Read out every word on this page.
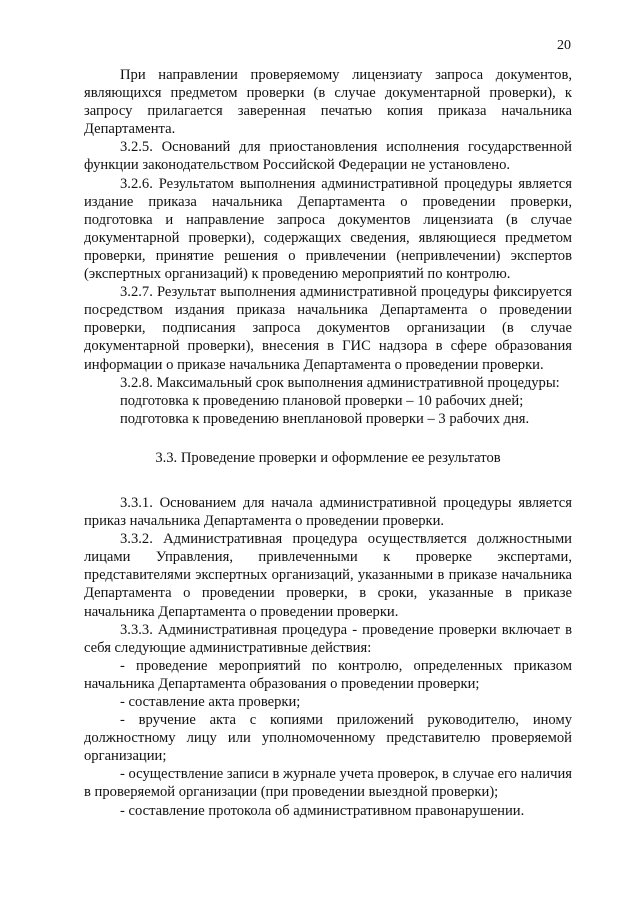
20

При направлении проверяемому лицензиату запроса документов, являющихся предметом проверки (в случае документарной проверки), к запросу прилагается заверенная печатью копия приказа начальника Департамента.

3.2.5. Оснований для приостановления исполнения государственной функции законодательством Российской Федерации не установлено.

3.2.6. Результатом выполнения административной процедуры является издание приказа начальника Департамента о проведении проверки, подготовка и направление запроса документов лицензиата (в случае документарной проверки), содержащих сведения, являющиеся предметом проверки, принятие решения о привлечении (непривлечении) экспертов (экспертных организаций) к проведению мероприятий по контролю.

3.2.7. Результат выполнения административной процедуры фиксируется посредством издания приказа начальника Департамента о проведении проверки, подписания запроса документов организации (в случае документарной проверки), внесения в ГИС надзора в сфере образования информации о приказе начальника Департамента о проведении проверки.

3.2.8. Максимальный срок выполнения административной процедуры:

подготовка к проведению плановой проверки – 10 рабочих дней;

подготовка к проведению внеплановой проверки – 3 рабочих дня.

3.3. Проведение проверки и оформление ее результатов

3.3.1. Основанием для начала административной процедуры является приказ начальника Департамента о проведении проверки.

3.3.2. Административная процедура осуществляется должностными лицами Управления, привлеченными к проверке экспертами, представителями экспертных организаций, указанными в приказе начальника Департамента о проведении проверки, в сроки, указанные в приказе начальника Департамента о проведении проверки.

3.3.3. Административная процедура - проведение проверки включает в себя следующие административные действия:

- проведение мероприятий по контролю, определенных приказом начальника Департамента образования о проведении проверки;

- составление акта проверки;

- вручение акта с копиями приложений руководителю, иному должностному лицу или уполномоченному представителю проверяемой организации;

- осуществление записи в журнале учета проверок, в случае его наличия в проверяемой организации (при проведении выездной проверки);

- составление протокола об административном правонарушении.
